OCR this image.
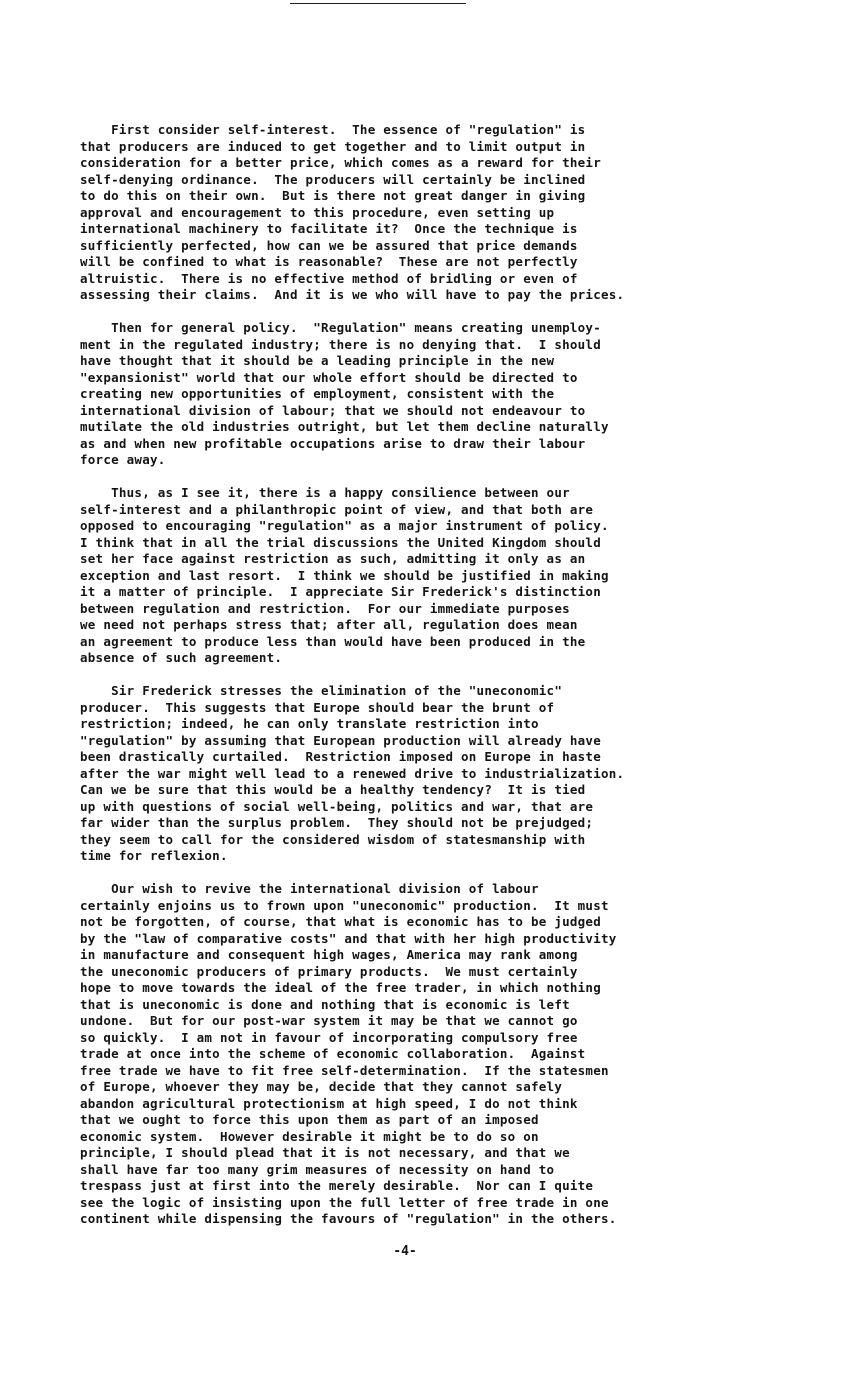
First consider self-interest.  The essence of "regulation" is
that producers are induced to get together and to limit output in
consideration for a better price, which comes as a reward for their
self-denying ordinance.  The producers will certainly be inclined
to do this on their own.  But is there not great danger in giving
approval and encouragement to this procedure, even setting up
international machinery to facilitate it?  Once the technique is
sufficiently perfected, how can we be assured that price demands
will be confined to what is reasonable?  These are not perfectly
altruistic.  There is no effective method of bridling or even of
assessing their claims.  And it is we who will have to pay the prices.
Then for general policy.  "Regulation" means creating unemploy-
ment in the regulated industry; there is no denying that.  I should
have thought that it should be a leading principle in the new
"expansionist" world that our whole effort should be directed to
creating new opportunities of employment, consistent with the
international division of labour; that we should not endeavour to
mutilate the old industries outright, but let them decline naturally
as and when new profitable occupations arise to draw their labour
force away.
Thus, as I see it, there is a happy consilience between our
self-interest and a philanthropic point of view, and that both are
opposed to encouraging "regulation" as a major instrument of policy.
I think that in all the trial discussions the United Kingdom should
set her face against restriction as such, admitting it only as an
exception and last resort.  I think we should be justified in making
it a matter of principle.  I appreciate Sir Frederick's distinction
between regulation and restriction.  For our immediate purposes
we need not perhaps stress that; after all, regulation does mean
an agreement to produce less than would have been produced in the
absence of such agreement.
Sir Frederick stresses the elimination of the "uneconomic"
producer.  This suggests that Europe should bear the brunt of
restriction; indeed, he can only translate restriction into
"regulation" by assuming that European production will already have
been drastically curtailed.  Restriction imposed on Europe in haste
after the war might well lead to a renewed drive to industrialization.
Can we be sure that this would be a healthy tendency?  It is tied
up with questions of social well-being, politics and war, that are
far wider than the surplus problem.  They should not be prejudged;
they seem to call for the considered wisdom of statesmanship with
time for reflexion.
Our wish to revive the international division of labour
certainly enjoins us to frown upon "uneconomic" production.  It must
not be forgotten, of course, that what is economic has to be judged
by the "law of comparative costs" and that with her high productivity
in manufacture and consequent high wages, America may rank among
the uneconomic producers of primary products.  We must certainly
hope to move towards the ideal of the free trader, in which nothing
that is uneconomic is done and nothing that is economic is left
undone.  But for our post-war system it may be that we cannot go
so quickly.  I am not in favour of incorporating compulsory free
trade at once into the scheme of economic collaboration.  Against
free trade we have to fit free self-determination.  If the statesmen
of Europe, whoever they may be, decide that they cannot safely
abandon agricultural protectionism at high speed, I do not think
that we ought to force this upon them as part of an imposed
economic system.  However desirable it might be to do so on
principle, I should plead that it is not necessary, and that we
shall have far too many grim measures of necessity on hand to
trespass just at first into the merely desirable.  Nor can I quite
see the logic of insisting upon the full letter of free trade in one
continent while dispensing the favours of "regulation" in the others.
-4-
